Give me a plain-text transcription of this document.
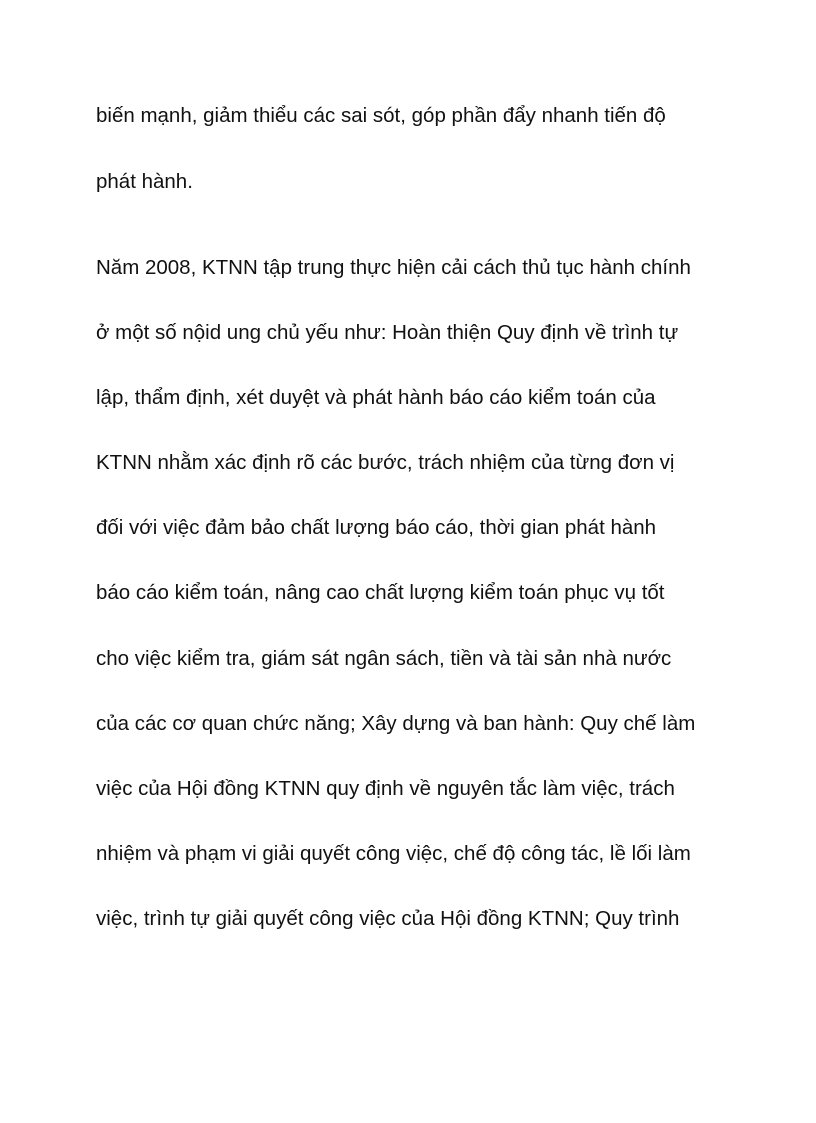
biến mạnh, giảm thiểu các sai sót, góp phần đẩy nhanh tiến độ
phát hành.
Năm 2008, KTNN tập trung thực hiện cải cách thủ tục hành chính
ở một số nộid ung chủ yếu như: Hoàn thiện Quy định về trình tự
lập, thẩm định, xét duyệt và phát hành báo cáo kiểm toán của
KTNN nhằm xác định rõ các bước, trách nhiệm của từng đơn vị
đối với việc đảm bảo chất lượng báo cáo, thời gian phát hành
báo cáo kiểm toán, nâng cao chất lượng kiểm toán phục vụ tốt
cho việc kiểm tra, giám sát ngân sách, tiền và tài sản nhà nước
của các cơ quan chức năng; Xây dựng và ban hành: Quy chế làm
việc của Hội đồng KTNN quy định về nguyên tắc làm việc, trách
nhiệm và phạm vi giải quyết công việc, chế độ công tác, lề lối làm
việc, trình tự giải quyết công việc của Hội đồng KTNN; Quy trình
